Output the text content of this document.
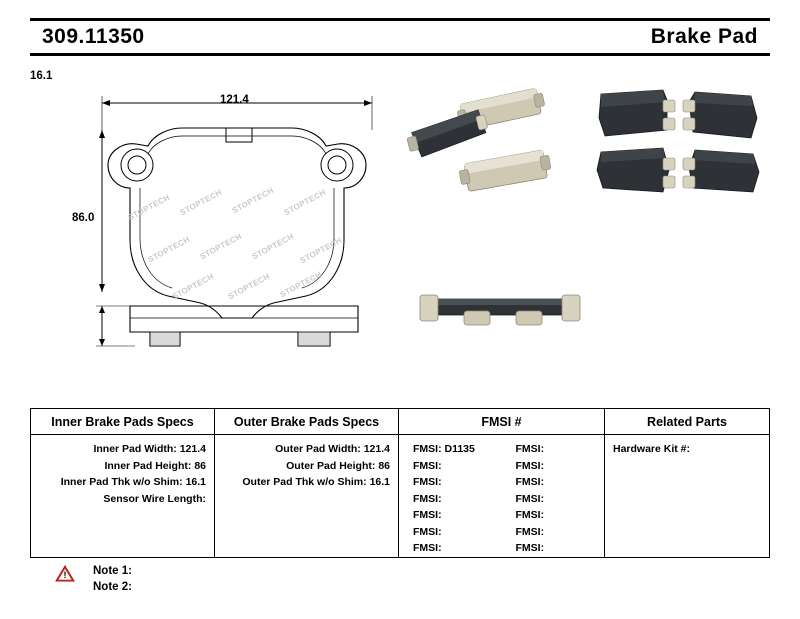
309.11350	Brake Pad
121.4
86.0
16.1
STOPTECH STOPTECH STOPTECH STOPTECH
STOPTECH STOPTECH STOPTECH STOPTECH
STOPTECH STOPTECH STOPTECH
Inner Brake Pads Specs
Inner Pad Width: 121.4
Inner Pad Height: 86
Inner Pad Thk w/o Shim: 16.1
Sensor Wire Length:
Outer Brake Pads Specs
Outer Pad Width: 121.4
Outer Pad Height: 86
Outer Pad Thk w/o Shim: 16.1
FMSI #
FMSI: D1135
FMSI:
FMSI:
FMSI:
FMSI:
FMSI:
FMSI:
FMSI:
FMSI:
FMSI:
FMSI:
FMSI:
FMSI:
FMSI:
Related Parts
Hardware Kit #:
! Note 1:
Note 2:
